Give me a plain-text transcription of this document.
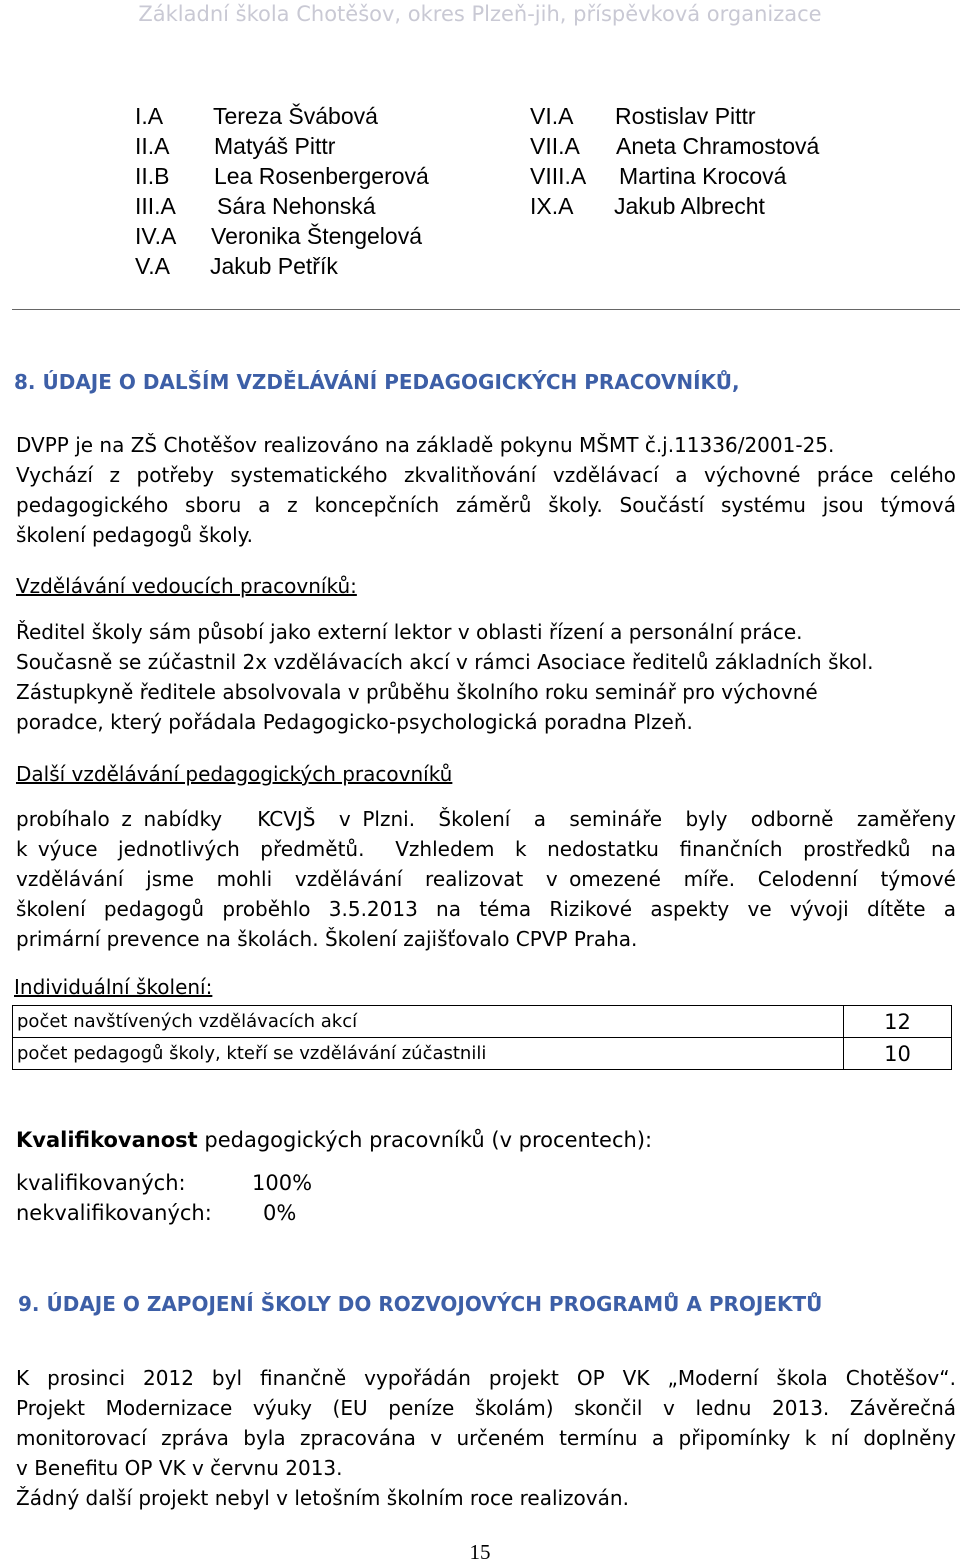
Základní škola Chotěšov, okres Plzeň-jih, příspěvková organizace
I.A Tereza Švábová
II.A Matyáš Pittr
II.B Lea Rosenbergerová
III.A Sára Nehonská
IV.A Veronika Štengelová
V.A Jakub Petřík
VI.A Rostislav Pittr
VII.A Aneta Chramostová
VIII.A Martina Krocová
IX.A Jakub Albrecht
8. ÚDAJE O DALŠÍM VZDĚLÁVÁNÍ PEDAGOGICKÝCH PRACOVNÍKŮ,
DVPP je na ZŠ Chotěšov realizováno na základě pokynu MŠMT č.j.11336/2001-25.
Vychází z potřeby systematického zkvalitňování vzdělávací a výchovné práce celého
pedagogického sboru a z koncepčních záměrů školy. Součástí systému jsou týmová
školení pedagogů školy.
Vzdělávání vedoucích pracovníků:
Ředitel školy sám působí jako externí lektor v oblasti řízení a personální práce.
Současně se zúčastnil 2x vzdělávacích akcí v rámci Asociace ředitelů základních škol.
Zástupkyně ředitele absolvovala v průběhu školního roku seminář pro výchovné
poradce, který pořádala Pedagogicko-psychologická poradna Plzeň.
Další vzdělávání pedagogických pracovníků
probíhalo z nabídky   KCVJŠ  v Plzni.  Školení  a  semináře  byly  odborně  zaměřeny
k výuce  jednotlivých  předmětů.   Vzhledem  k  nedostatku  finančních  prostředků  na
vzdělávání  jsme  mohli  vzdělávání  realizovat  v omezené  míře.  Celodenní  týmové
školení  pedagogů  proběhlo  3.5.2013  na  téma  Rizikové  aspekty  ve  vývoji  dítěte  a
primární prevence na školách. Školení zajišťovalo CPVP Praha.
Individuální školení:
počet navštívených vzdělávacích akcí	12
počet pedagogů školy, kteří se vzdělávání zúčastnili	10
Kvalifikovanost pedagogických pracovníků (v procentech):
kvalifikovaných:	100%
nekvalifikovaných: 0%
9. ÚDAJE O ZAPOJENÍ ŠKOLY DO ROZVOJOVÝCH PROGRAMŮ A PROJEKTŮ
K prosinci 2012 byl finančně vypořádán projekt OP VK „Moderní škola Chotěšov“.
Projekt Modernizace výuky (EU peníze školám) skončil v lednu 2013. Závěrečná
monitorovací zpráva byla zpracována v určeném termínu a připomínky k ní doplněny
v Benefitu OP VK v červnu 2013.
Žádný další projekt nebyl v letošním školním roce realizován.
15
